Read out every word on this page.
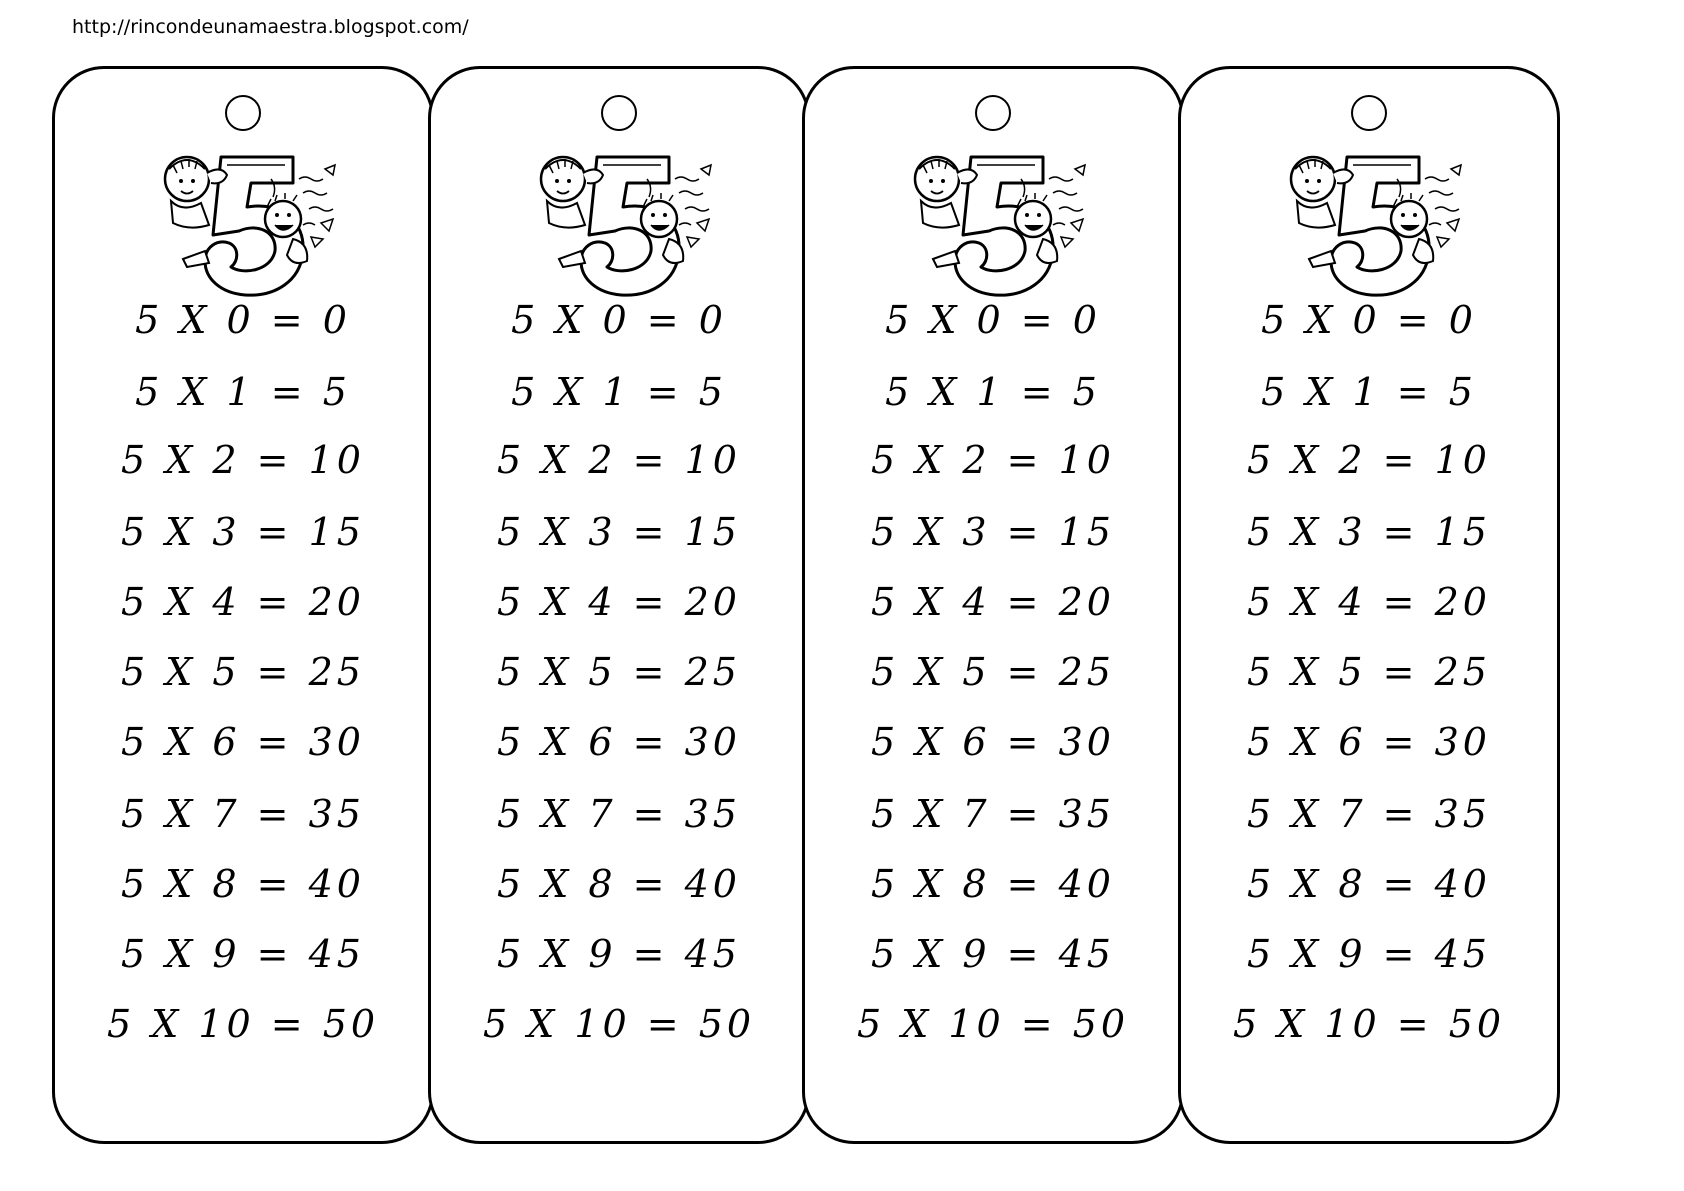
http://rincondeunamaestra.blogspot.com/
5 X 0 = 0
5 X 1 = 5
5 X 2 = 10
5 X 3 = 15
5 X 4 = 20
5 X 5 = 25
5 X 6 = 30
5 X 7 = 35
5 X 8 = 40
5 X 9 = 45
5 X 10 = 50
5 X 0 = 0
5 X 1 = 5
5 X 2 = 10
5 X 3 = 15
5 X 4 = 20
5 X 5 = 25
5 X 6 = 30
5 X 7 = 35
5 X 8 = 40
5 X 9 = 45
5 X 10 = 50
5 X 0 = 0
5 X 1 = 5
5 X 2 = 10
5 X 3 = 15
5 X 4 = 20
5 X 5 = 25
5 X 6 = 30
5 X 7 = 35
5 X 8 = 40
5 X 9 = 45
5 X 10 = 50
5 X 0 = 0
5 X 1 = 5
5 X 2 = 10
5 X 3 = 15
5 X 4 = 20
5 X 5 = 25
5 X 6 = 30
5 X 7 = 35
5 X 8 = 40
5 X 9 = 45
5 X 10 = 50
